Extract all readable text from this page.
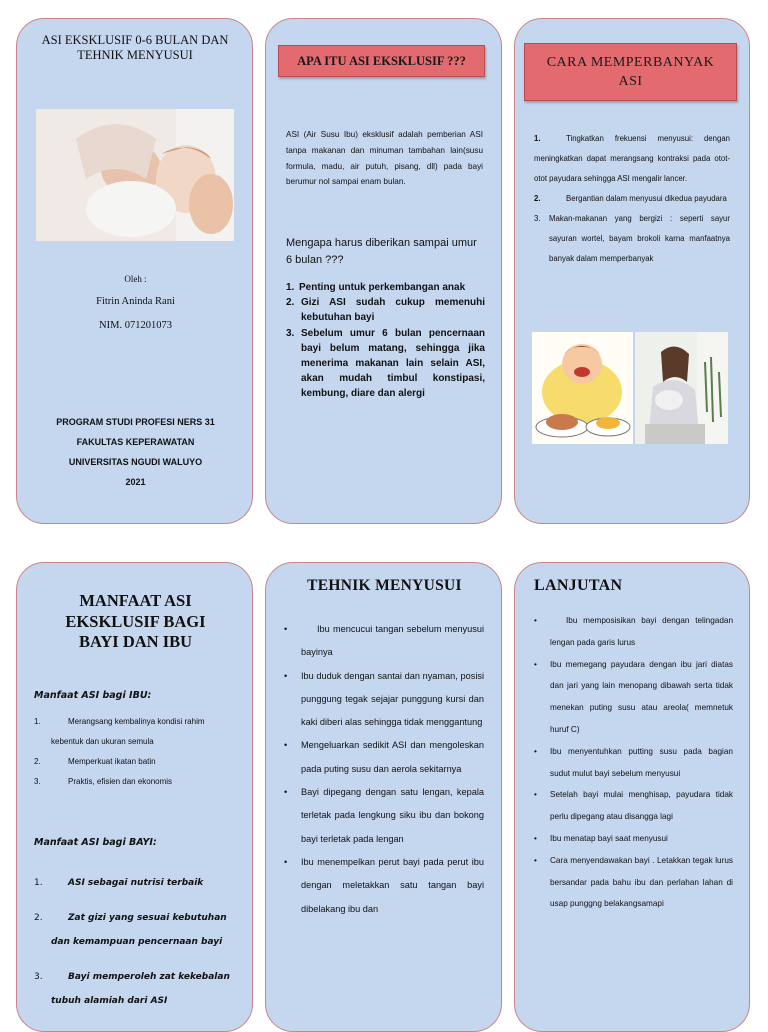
ASI EKSKLUSIF 0-6 BULAN DAN TEHNIK MENYUSUI
Oleh :
Fitrin Aninda Rani
NIM. 071201073
PROGRAM STUDI PROFESI NERS 31
FAKULTAS KEPERAWATAN
UNIVERSITAS NGUDI WALUYO
2021
APA ITU ASI EKSKLUSIF ???
ASI (Air Susu Ibu) eksklusif adalah pemberian ASI tanpa makanan dan minuman tambahan lain(susu formula, madu, air putuh, pisang, dll) pada bayi berumur nol sampai enam bulan.
Mengapa harus diberikan sampai umur 6 bulan ???
1. Penting untuk perkembangan anak
2. Gizi ASI sudah cukup memenuhi kebutuhan bayi
3. Sebelum umur 6 bulan pencernaan bayi belum matang, sehingga jika menerima makanan lain selain ASI, akan mudah timbul konstipasi, kembung, diare dan alergi
CARA MEMPERBANYAK ASI
1.	Tingkatkan frekuensi menyusui: dengan meningkatkan dapat merangsang kontraksi pada otot-otot payudara sehingga ASI mengalir lancer.
2.	Bergantian dalam menyusui dikedua payudara
3. Makan-makanan yang bergizi : seperti sayur sayuran wortel, bayam brokoli karna manfaatnya banyak dalam memperbanyak
MANFAAT ASI EKSKLUSIF BAGI BAYI DAN IBU
Manfaat ASI bagi IBU:
1.	Merangsang kembalinya kondisi rahim kebentuk dan ukuran semula
2.	Memperkuat ikatan batin
3.	Praktis, efisien dan ekonomis
Manfaat ASI bagi BAYI:
1.	ASI sebagai nutrisi terbaik
2.	Zat gizi yang sesuai kebutuhan dan kemampuan pencernaan bayi
3.	Bayi memperoleh zat kekebalan tubuh alamiah dari ASI
TEHNIK MENYUSUI
•	Ibu mencucui tangan sebelum menyusui bayinya
• Ibu duduk dengan santai dan nyaman, posisi punggung tegak sejajar punggung kursi dan kaki diberi alas sehingga tidak menggantung
• Mengeluarkan sedikit ASI dan mengoleskan pada puting susu dan aerola sekitarnya
• Bayi dipegang dengan satu lengan, kepala terletak pada lengkung siku ibu dan bokong bayi terletak pada lengan
• Ibu menempelkan perut bayi pada perut ibu dengan meletakkan satu tangan bayi dibelakang ibu dan
LANJUTAN
•	Ibu memposisikan bayi dengan telingadan lengan pada garis lurus
• Ibu memegang payudara dengan ibu jari diatas dan jari yang lain menopang dibawah serta tidak menekan puting susu atau areola( memnetuk huruf C)
• Ibu menyentuhkan putting susu pada bagian sudut mulut bayi sebelum menyusui
• Setelah bayi mulai menghisap, payudara tidak perlu dipegang atau disangga lagi
• Ibu menatap bayi saat menyusui
• Cara menyendawakan bayi . Letakkan tegak lurus bersandar pada bahu ibu dan perlahan lahan di usap punggng belakangsamapi
